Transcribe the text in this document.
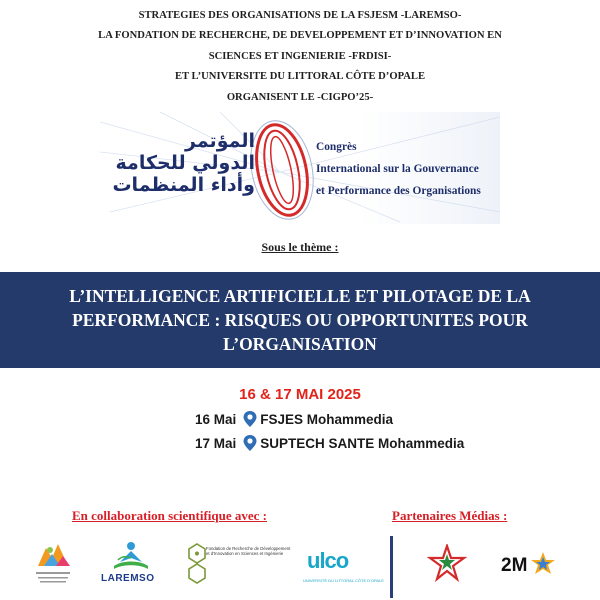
STRATEGIES DES ORGANISATIONS DE LA FSJESM -LAREMSO-
LA FONDATION DE RECHERCHE, DE DEVELOPPEMENT ET D’INNOVATION EN
SCIENCES ET INGENIERIE -FRDISI-
ET L’UNIVERSITE DU LITTORAL CÔTE D’OPALE
ORGANISENT LE -CIGPO’25-
المؤتمر
الدولي للحكامة
وأداء المنظمات
Congrès
International sur la Gouvernance
et Performance des Organisations
Sous le thème :
L’INTELLIGENCE ARTIFICIELLE ET PILOTAGE DE LA PERFORMANCE : RISQUES OU OPPORTUNITES POUR L’ORGANISATION
16 & 17 MAI 2025
16 Mai FSJES Mohammedia
17 Mai SUPTECH SANTE Mohammedia
En collaboration scientifique avec :	Partenaires Médias :
LAREMSO
Fondation de Recherche de Développement et d'Innovation en Sciences et Ingénierie	ulco
UNIVERSITÉ DU LITTORAL CÔTE D'OPALE
2M
